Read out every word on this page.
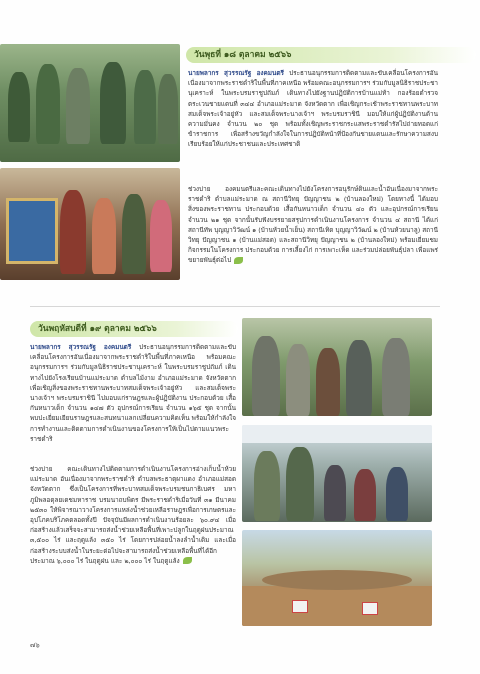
วันพุธที่ ๑๘ ตุลาคม ๒๕๖๖
นายพลากร สุวรรณรัฐ องคมนตรี ประธานอนุกรรมการติดตามและขับเคลื่อนโครงการอันเนื่องมาจากพระราชดำริในพื้นที่ภาคเหนือ พร้อมคณะอนุกรรมการฯ ร่วมกับมูลนิธิราชประชานุเคราะห์ ในพระบรมราชูปถัมภ์ เดินทางไปยังฐานปฏิบัติการบ้านแม่ท้า กองร้อยตำรวจตระเวนชายแดนที่ ๓๔๔ อำเภอแม่ระมาด จังหวัดตาก เพื่อเชิญกระเช้าพระราชทานพระบาทสมเด็จพระเจ้าอยู่หัว และสมเด็จพระนางเจ้าฯ พระบรมราชินี มอบให้แก่ผู้ปฏิบัติงานด้านความมั่นคง จำนวน ๒๐ ชุด พร้อมทั้งเชิญพระราชกระแสพระราชดำรัสไปถ่ายทอดแก่ข้าราชการ เพื่อสร้างขวัญกำลังใจในการปฏิบัติหน้าที่ป้องกันชายแดนและรักษาความสงบเรียบร้อยให้แก่ประชาชนและประเทศชาติ
ช่วงบ่าย องคมนตรีและคณะเดินทางไปยังโครงการอนุรักษ์ดินและน้ำอันเนื่องมาจากพระราชดำริ ตำบลแม่ระมาด ณ สถานีวิทยุ ปัญญาชน ๒ (บ้านลองใหม่) โดยทางนี้ ได้มอบสิ่งของพระราชทาน ประกอบด้วย เสื้อกันหนาวเด็ก จำนวน ๔๐ ตัว และอุปกรณ์การเรียน จำนวน ๒๑ ชุด จากนั้นรับฟังบรรยายสรุปการดำเนินงานโครงการ จำนวน ๔ สถานี ได้แก่ สถานีทัพ บุญญาวิวัฒน์ ๑ (บ้านห้วยน้ำเย็น) สถานีเทิด บุญญาวิวัฒน์ ๒ (บ้านห้วยนาลู) สถานีวิทยุ ปัญญาชน ๑ (บ้านแม่สอด) และสถานีวิทยุ ปัญญาชน ๒ (บ้านลองใหม่) พร้อมเยี่ยมชมกิจกรรมในโครงการ ประกอบด้วย การเลี้ยงไก่ การเพาะเห็ด และร่วมปล่อยพันธุ์ปลา เพื่อแพร่ขยายพันธุ์ต่อไป
วันพฤหัสบดีที่ ๑๙ ตุลาคม ๒๕๖๖
นายพลากร สุวรรณรัฐ องคมนตรี ประธานอนุกรรมการติดตามและขับเคลื่อนโครงการอันเนื่องมาจากพระราชดำริในพื้นที่ภาคเหนือ พร้อมคณะอนุกรรมการฯ ร่วมกับมูลนิธิราชประชานุเคราะห์ ในพระบรมราชูปถัมภ์ เดินทางไปยังโรงเรียนบ้านแม่ระมาด ตำบลไม้งาม อำเภอแม่ระมาด จังหวัดตาก เพื่อเชิญสิ่งของพระราชทานพระบาทสมเด็จพระเจ้าอยู่หัว และสมเด็จพระนางเจ้าฯ พระบรมราชินี ไปมอบแก่ราษฎรและผู้ปฏิบัติงาน ประกอบด้วย เสื้อกันหนาวเด็ก จำนวน ๑๔๗ ตัว อุปกรณ์การเรียน จำนวน ๑๖๕ ชุด จากนั้นพบปะเยี่ยมเยียนราษฎรและสนทนาแลกเปลี่ยนความคิดเห็น พร้อมให้กำลังใจการทำงานและติดตามการดำเนินงานของโครงการให้เป็นไปตามแนวพระราชดำริ
ช่วงบ่าย คณะเดินทางไปติดตามการดำเนินงานโครงการอ่างเก็บน้ำห้วยแม่ระมาด อันเนื่องมาจากพระราชดำริ ตำบลพระธาตุผาแดง อำเภอแม่สอด จังหวัดตาก ซึ่งเป็นโครงการที่พระบาทสมเด็จพระบรมชนกาธิเบศร มหาภูมิพลอดุลยเดชมหาราช บรมนาถบพิตร มีพระราชดำริเมื่อวันที่ ๓๑ มีนาคม ๒๕๓๐ ให้พิจารณาวางโครงการแหล่งน้ำช่วยเหลือราษฎรเพื่อการเกษตรและอุปโภคบริโภคตลอดทั้งปี ปัจจุบันมีผลการดำเนินงานร้อยละ ๖๐.๙๔ เมื่อก่อสร้างแล้วเสร็จจะสามารถส่งน้ำช่วยเหลือพื้นที่เพาะปลูกในฤดูฝนประมาณ ๓,๕๐๐ ไร่ และฤดูแล้ง ๓๕๐ ไร่ โดยการปล่อยน้ำลงลำน้ำเดิม และเมื่อก่อสร้างระบบส่งน้ำในระยะต่อไปจะสามารถส่งน้ำช่วยเหลือพื้นที่ได้อีกประมาณ ๖,๐๐๐ ไร่ ในฤดูฝน และ ๒,๐๐๐ ไร่ ในฤดูแล้ง
๗๖
